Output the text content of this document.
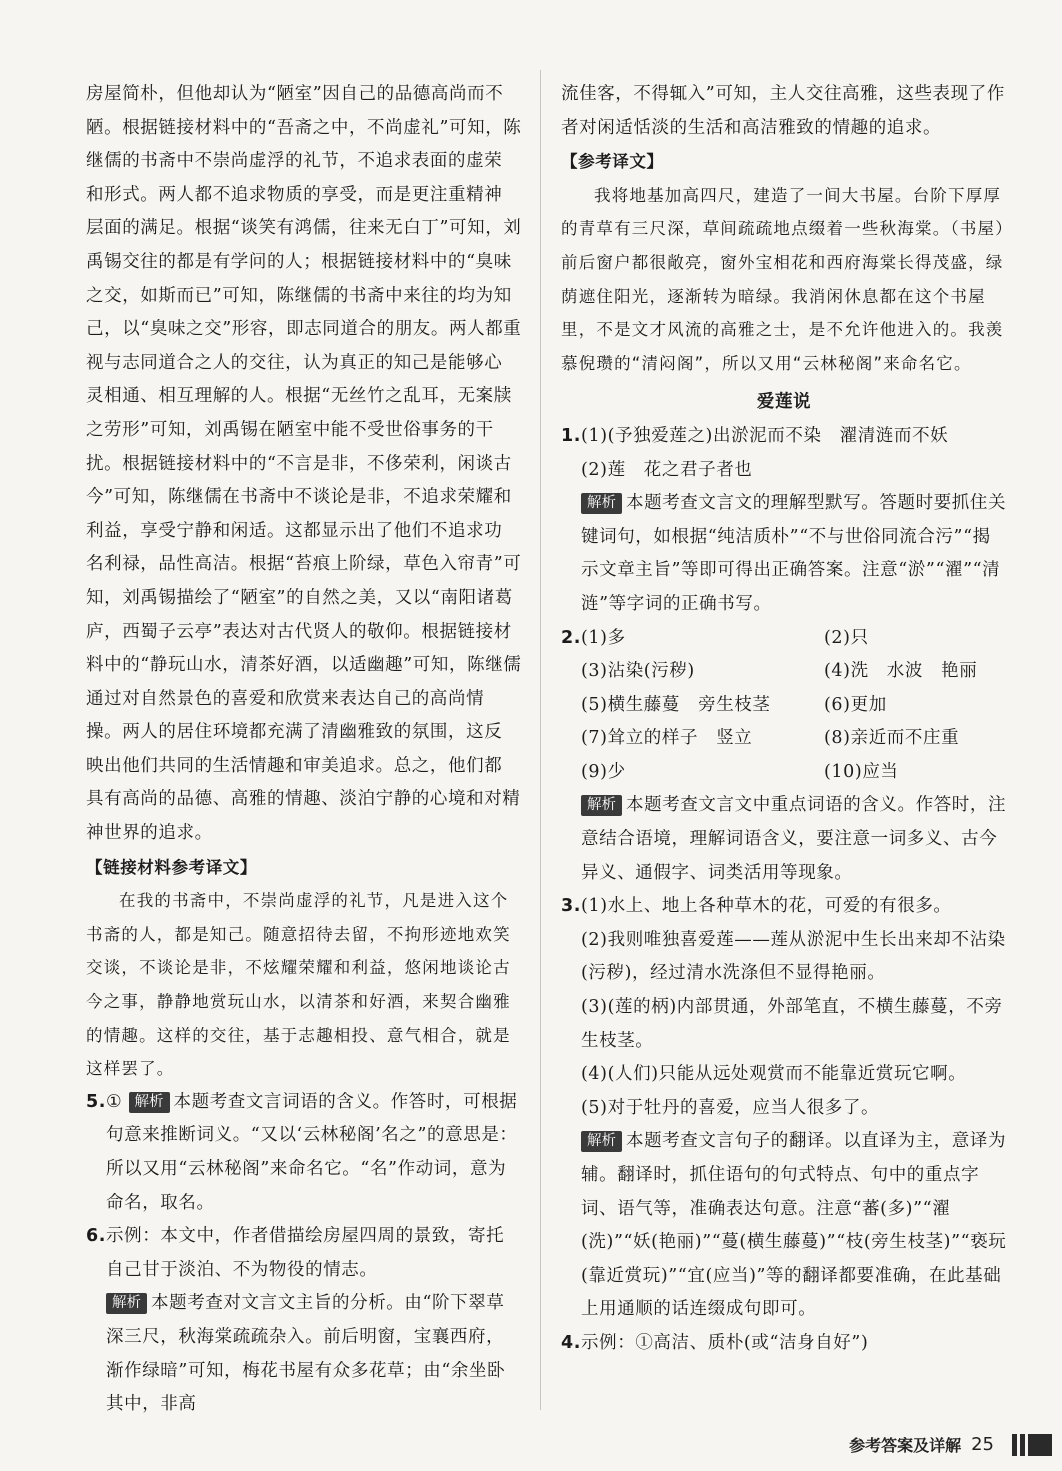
房屋简朴，但他却认为“陋室”因自己的品德高尚而不

陋。根据链接材料中的“吾斋之中，不尚虚礼”可知，陈

继儒的书斋中不崇尚虚浮的礼节，不追求表面的虚荣

和形式。两人都不追求物质的享受，而是更注重精神

层面的满足。根据“谈笑有鸿儒，往来无白丁”可知，刘

禹锡交往的都是有学问的人；根据链接材料中的“臭味

之交，如斯而已”可知，陈继儒的书斋中来往的均为知

己，以“臭味之交”形容，即志同道合的朋友。两人都重

视与志同道合之人的交往，认为真正的知己是能够心

灵相通、相互理解的人。根据“无丝竹之乱耳，无案牍

之劳形”可知，刘禹锡在陋室中能不受世俗事务的干

扰。根据链接材料中的“不言是非，不侈荣利，闲谈古

今”可知，陈继儒在书斋中不谈论是非，不追求荣耀和

利益，享受宁静和闲适。这都显示出了他们不追求功

名利禄，品性高洁。根据“苔痕上阶绿，草色入帘青”可

知，刘禹锡描绘了“陋室”的自然之美，又以“南阳诸葛

庐，西蜀子云亭”表达对古代贤人的敬仰。根据链接材

料中的“静玩山水，清茶好酒，以适幽趣”可知，陈继儒

通过对自然景色的喜爱和欣赏来表达自己的高尚情

操。两人的居住环境都充满了清幽雅致的氛围，这反

映出他们共同的生活情趣和审美追求。总之，他们都

具有高尚的品德、高雅的情趣、淡泊宁静的心境和对精

神世界的追求。

【链接材料参考译文】

在我的书斋中，不崇尚虚浮的礼节，凡是进入这个书斋的人，都是知己。随意招待去留，不拘形迹地欢笑交谈，不谈论是非，不炫耀荣耀和利益，悠闲地谈论古今之事，静静地赏玩山水，以清茶和好酒，来契合幽雅的情趣。这样的交往，基于志趣相投、意气相合，就是这样罢了。

5.① 解析 本题考查文言词语的含义。作答时，可根据句意来推断词义。“又以‘云林秘阁’名之”的意思是：所以又用“云林秘阁”来命名它。“名”作动词，意为命名，取名。

6.示例：本文中，作者借描绘房屋四周的景致，寄托自己甘于淡泊、不为物役的情志。

解析 本题考查对文言文主旨的分析。由“阶下翠草深三尺，秋海棠疏疏杂入。前后明窗，宝襄西府，渐作绿暗”可知，梅花书屋有众多花草；由“余坐卧其中，非高

流佳客，不得辄入”可知，主人交往高雅，这些表现了作者对闲适恬淡的生活和高洁雅致的情趣的追求。

【参考译文】

我将地基加高四尺，建造了一间大书屋。台阶下厚厚的青草有三尺深，草间疏疏地点缀着一些秋海棠。（书屋）前后窗户都很敞亮，窗外宝相花和西府海棠长得茂盛，绿荫遮住阳光，逐渐转为暗绿。我消闲休息都在这个书屋里，不是文才风流的高雅之士，是不允许他进入的。我羡慕倪瓒的“清闷阁”，所以又用“云林秘阁”来命名它。

爱莲说

1.(1)(予独爱莲之)出淤泥而不染　濯清涟而不妖

(2)莲　花之君子者也

解析 本题考查文言文的理解型默写。答题时要抓住关键词句，如根据“纯洁质朴”“不与世俗同流合污”“揭示文章主旨”等即可得出正确答案。注意“淤”“濯”“清涟”等字词的正确书写。

2. (1)多	(2)只
(3)沾染(污秽)	(4)洗　水波　艳丽
(5)横生藤蔓　旁生枝茎	(6)更加
(7)耸立的样子　竖立	(8)亲近而不庄重
(9)少	(10)应当

解析 本题考查文言文中重点词语的含义。作答时，注意结合语境，理解词语含义，要注意一词多义、古今异义、通假字、词类活用等现象。

3.(1)水上、地上各种草木的花，可爱的有很多。

(2)我则唯独喜爱莲——莲从淤泥中生长出来却不沾染(污秽)，经过清水洗涤但不显得艳丽。

(3)(莲的柄)内部贯通，外部笔直，不横生藤蔓，不旁生枝茎。

(4)(人们)只能从远处观赏而不能靠近赏玩它啊。

(5)对于牡丹的喜爱，应当人很多了。

解析 本题考查文言句子的翻译。以直译为主，意译为辅。翻译时，抓住语句的句式特点、句中的重点字词、语气等，准确表达句意。注意“蕃(多)”“濯(洗)”“妖(艳丽)”“蔓(横生藤蔓)”“枝(旁生枝茎)”“亵玩(靠近赏玩)”“宜(应当)”等的翻译都要准确，在此基础上用通顺的话连缀成句即可。

4.示例：①高洁、质朴(或“洁身自好”)

参考答案及详解 25
